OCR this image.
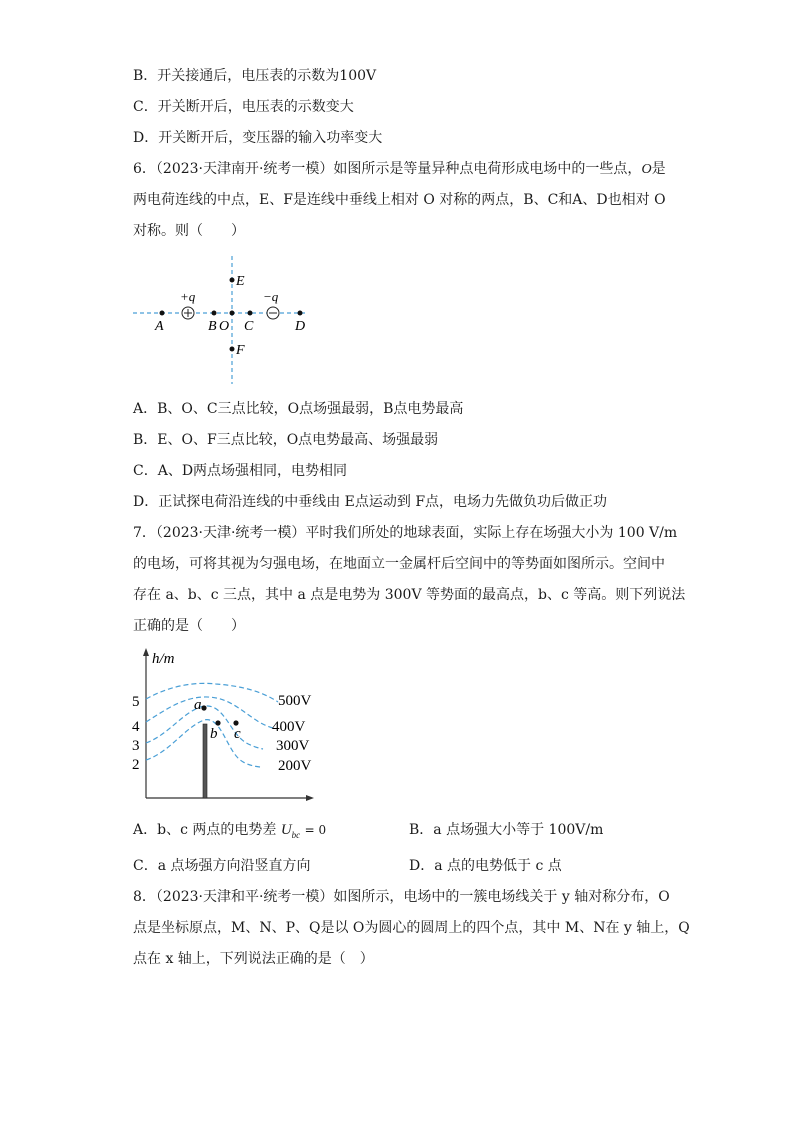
B．开关接通后，电压表的示数为100V
C．开关断开后，电压表的示数变大
D．开关断开后，变压器的输入功率变大
6．（2023·天津南开·统考一模）如图所示是等量异种点电荷形成电场中的一些点，O是
两电荷连线的中点，E、F是连线中垂线上相对 O 对称的两点，B、C和A、D也相对 O
对称。则（　　）
+q	−q
A	B O C	D
E
F
A．B、O、C三点比较，O点场强最弱，B点电势最高
B．E、O、F三点比较，O点电势最高、场强最弱
C．A、D两点场强相同，电势相同
D．正试探电荷沿连线的中垂线由 E点运动到 F点，电场力先做负功后做正功
7．（2023·天津·统考一模）平时我们所处的地球表面，实际上存在场强大小为 100 V/m
的电场，可将其视为匀强电场，在地面立一金属杆后空间中的等势面如图所示。空间中
存在 a、b、c 三点，其中 a 点是电势为 300V 等势面的最高点，b、c 等高。则下列说法
正确的是（　　）
h/m
5
4
3
2
500V
400V
300V
200V
a
b c
A．b、c 两点的电势差 $U_{bc} = 0$	B．a 点场强大小等于 100V/m
C．a 点场强方向沿竖直方向	D．a 点的电势低于 c 点
8．（2023·天津和平·统考一模）如图所示，电场中的一簇电场线关于 y 轴对称分布，O
点是坐标原点，M、N、P、Q是以 O为圆心的圆周上的四个点，其中 M、N在 y 轴上，Q
点在 x 轴上，下列说法正确的是（　）
